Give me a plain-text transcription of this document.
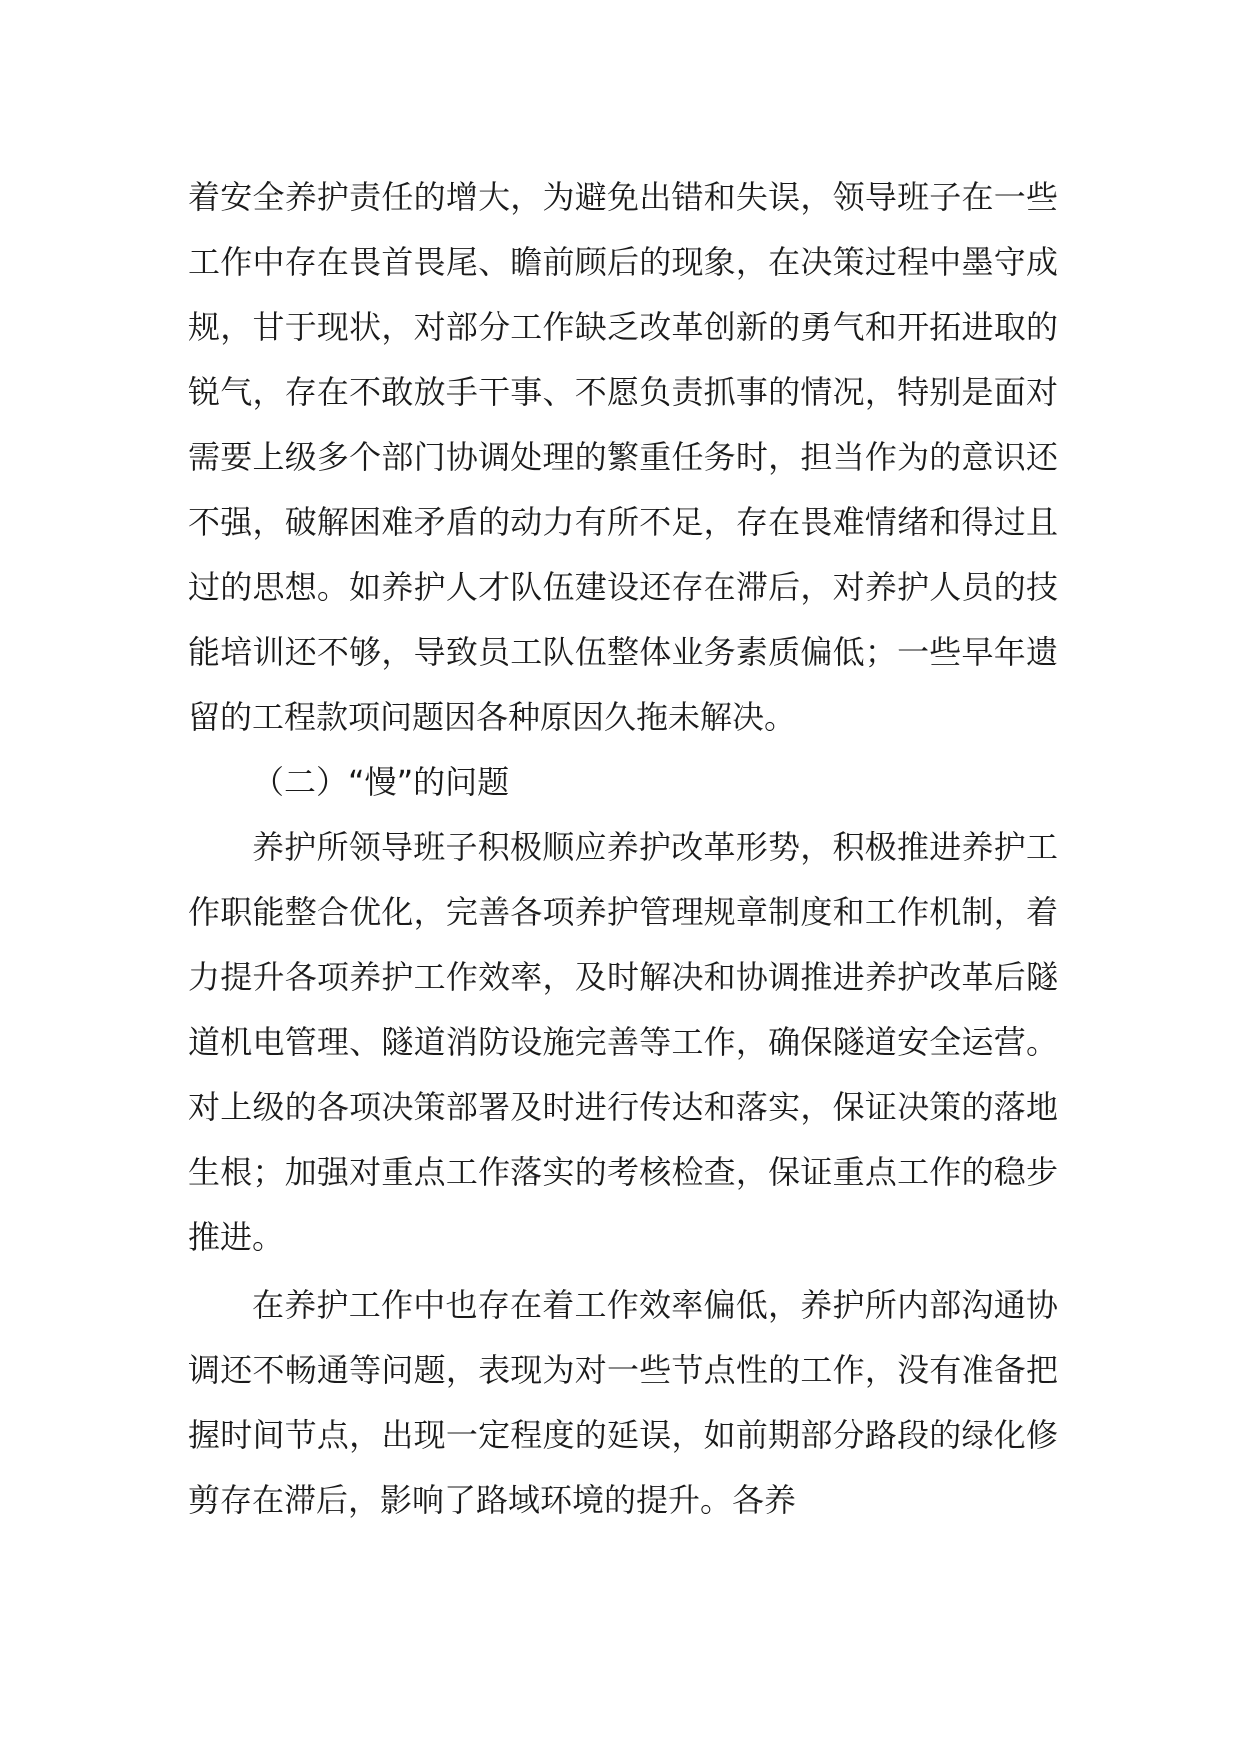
着安全养护责任的增大，为避免出错和失误，领导班子在一些工作中存在畏首畏尾、瞻前顾后的现象，在决策过程中墨守成规，甘于现状，对部分工作缺乏改革创新的勇气和开拓进取的锐气，存在不敢放手干事、不愿负责抓事的情况，特别是面对需要上级多个部门协调处理的繁重任务时，担当作为的意识还不强，破解困难矛盾的动力有所不足，存在畏难情绪和得过且过的思想。如养护人才队伍建设还存在滞后，对养护人员的技能培训还不够，导致员工队伍整体业务素质偏低；一些早年遗留的工程款项问题因各种原因久拖未解决。

（二）“慢”的问题

养护所领导班子积极顺应养护改革形势，积极推进养护工作职能整合优化，完善各项养护管理规章制度和工作机制，着力提升各项养护工作效率，及时解决和协调推进养护改革后隧道机电管理、隧道消防设施完善等工作，确保隧道安全运营。对上级的各项决策部署及时进行传达和落实，保证决策的落地生根；加强对重点工作落实的考核检查，保证重点工作的稳步推进。

在养护工作中也存在着工作效率偏低，养护所内部沟通协调还不畅通等问题，表现为对一些节点性的工作，没有准备把握时间节点，出现一定程度的延误，如前期部分路段的绿化修剪存在滞后，影响了路域环境的提升。各养
